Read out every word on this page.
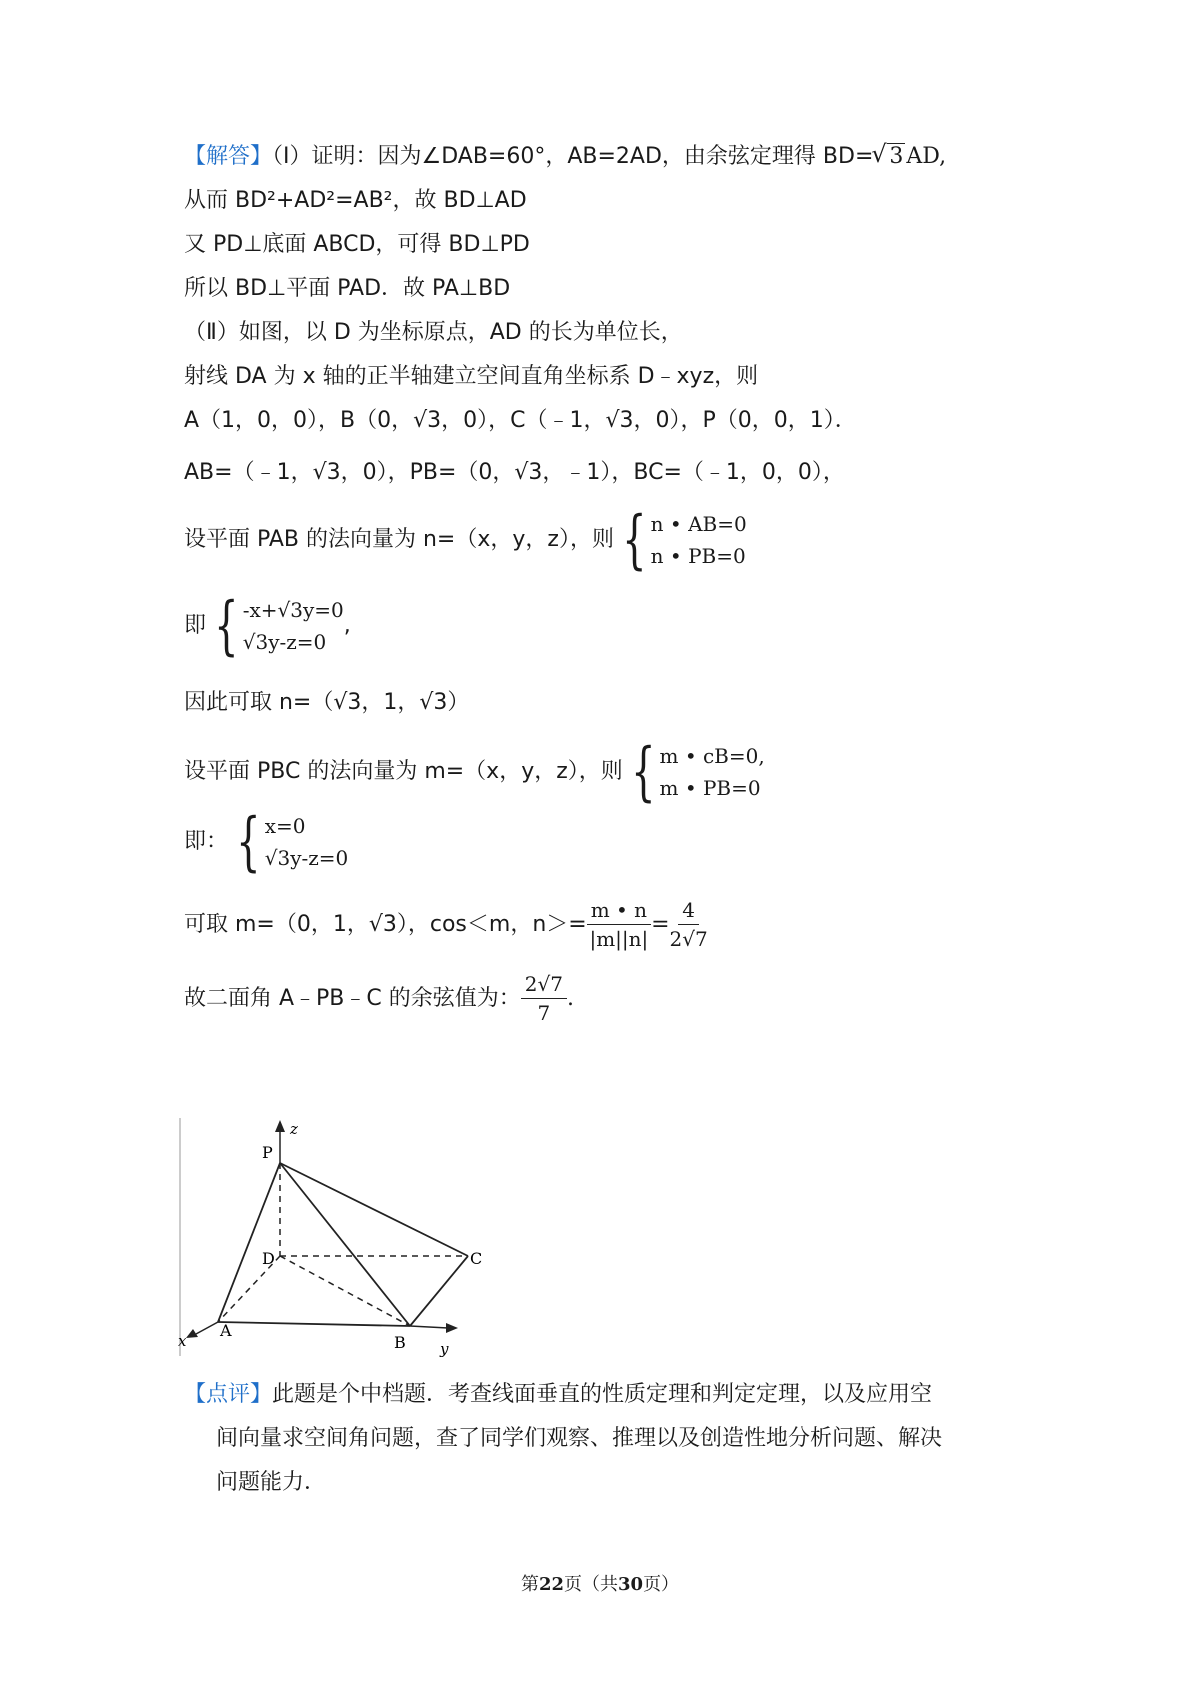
【解答】（Ⅰ）证明：因为∠DAB=60°，AB=2AD，由余弦定理得 BD=√ 3 AD,
从而 BD²+AD²=AB²，故 BD⊥AD
又 PD⊥底面 ABCD，可得 BD⊥PD
所以 BD⊥平面 PAD．故 PA⊥BD
（Ⅱ）如图，以 D 为坐标原点，AD 的长为单位长，
射线 DA 为 x 轴的正半轴建立空间直角坐标系 D﹣xyz，则
A（1，0，0），B（0，√3，0），C（﹣1，√3，0），P（0，0，1）．
AB=（﹣1，√3，0），PB=（0，√3，﹣1），BC=（﹣1，0，0），
设平面 PAB 的法向量为 n=（x，y，z），则 { n • AB=0
n • PB=0
即 { -x+√3y=0
√3y-z=0
,
因此可取 n=（√3，1，√3）
设平面 PBC 的法向量为 m=（x，y，z），则 { m • cB=0,
m • PB=0
即： { x=0
√3y-z=0
可取 m=（0，1，√3），cos＜m，$n>= \frac{m • n}{|m||n|} = \frac{4}{2√7}$
故二面角 A﹣PB﹣C 的余弦值为： $\frac{2√7}{7}$ .
P
z
D	C
A
B
x	y
【点评】此题是个中档题．考查线面垂直的性质定理和判定定理，以及应用空
间向量求空间角问题，查了同学们观察、推理以及创造性地分析问题、解决
问题能力．
第22页（共30页）
